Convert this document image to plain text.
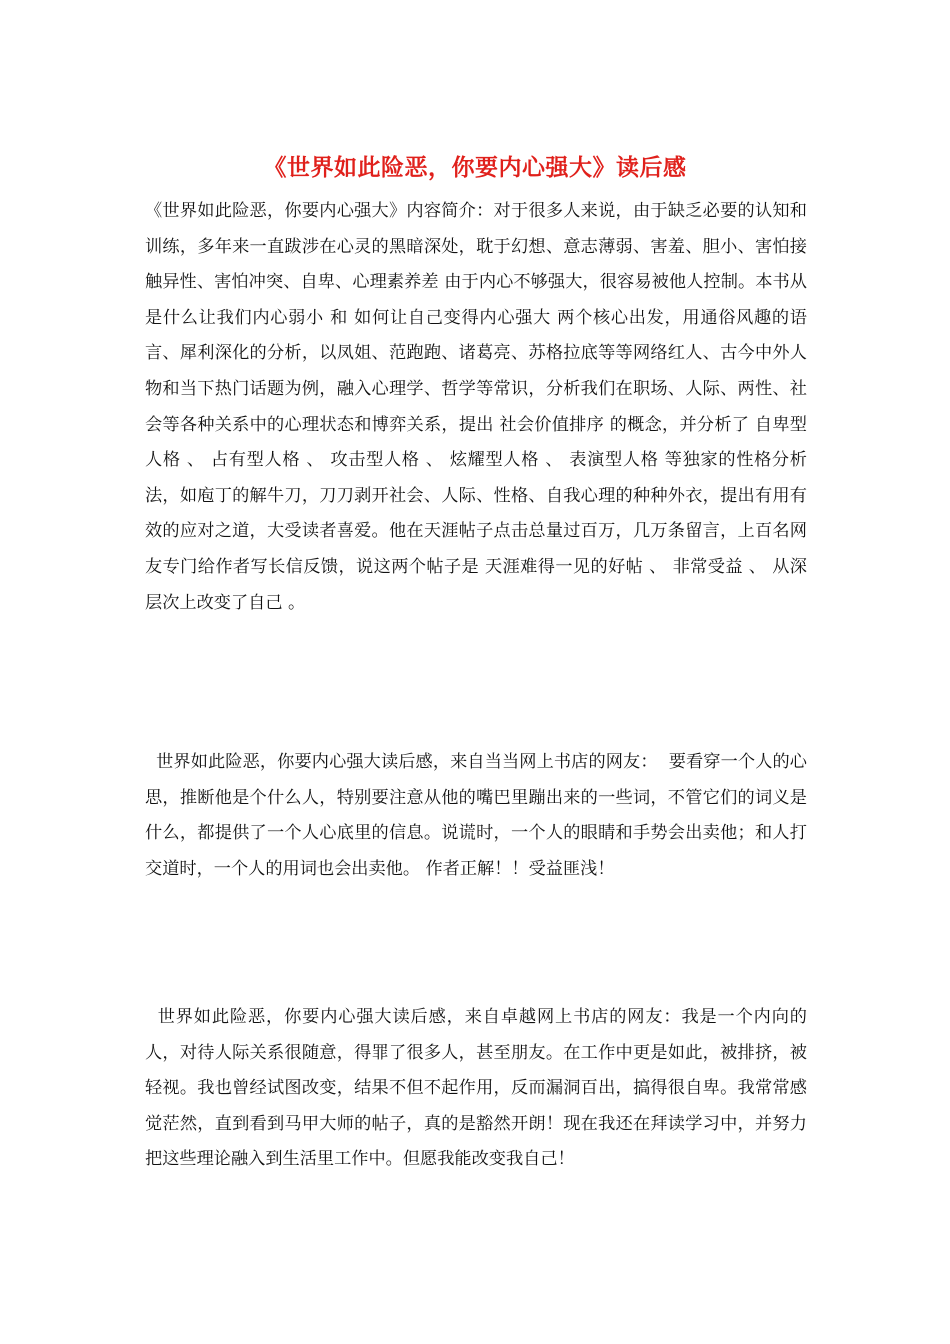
《世界如此险恶，你要内心强大》读后感

《世界如此险恶，你要内心强大》内容简介：对于很多人来说，由于缺乏必要的认知和训练，多年来一直跋涉在心灵的黑暗深处，耽于幻想、意志薄弱、害羞、胆小、害怕接触异性、害怕冲突、自卑、心理素养差 由于内心不够强大，很容易被他人控制。本书从 是什么让我们内心弱小 和 如何让自己变得内心强大 两个核心出发，用通俗风趣的语言、犀利深化的分析，以凤姐、范跑跑、诸葛亮、苏格拉底等等网络红人、古今中外人物和当下热门话题为例，融入心理学、哲学等常识，分析我们在职场、人际、两性、社会等各种关系中的心理状态和博弈关系，提出 社会价值排序 的概念，并分析了 自卑型人格 、 占有型人格 、 攻击型人格 、 炫耀型人格 、 表演型人格 等独家的性格分析法，如庖丁的解牛刀，刀刀剥开社会、人际、性格、自我心理的种种外衣，提出有用有效的应对之道，大受读者喜爱。他在天涯帖子点击总量过百万，几万条留言，上百名网友专门给作者写长信反馈，说这两个帖子是 天涯难得一见的好帖 、 非常受益 、 从深层次上改变了自己 。

世界如此险恶，你要内心强大读后感，来自当当网上书店的网友：  要看穿一个人的心思，推断他是个什么人，特别要注意从他的嘴巴里蹦出来的一些词，不管它们的词义是什么，都提供了一个人心底里的信息。说谎时，一个人的眼睛和手势会出卖他；和人打交道时，一个人的用词也会出卖他。 作者正解！！受益匪浅！

世界如此险恶，你要内心强大读后感，来自卓越网上书店的网友：我是一个内向的人，对待人际关系很随意，得罪了很多人，甚至朋友。在工作中更是如此，被排挤，被轻视。我也曾经试图改变，结果不但不起作用，反而漏洞百出，搞得很自卑。我常常感觉茫然，直到看到马甲大师的帖子，真的是豁然开朗！现在我还在拜读学习中，并努力把这些理论融入到生活里工作中。但愿我能改变我自己！
